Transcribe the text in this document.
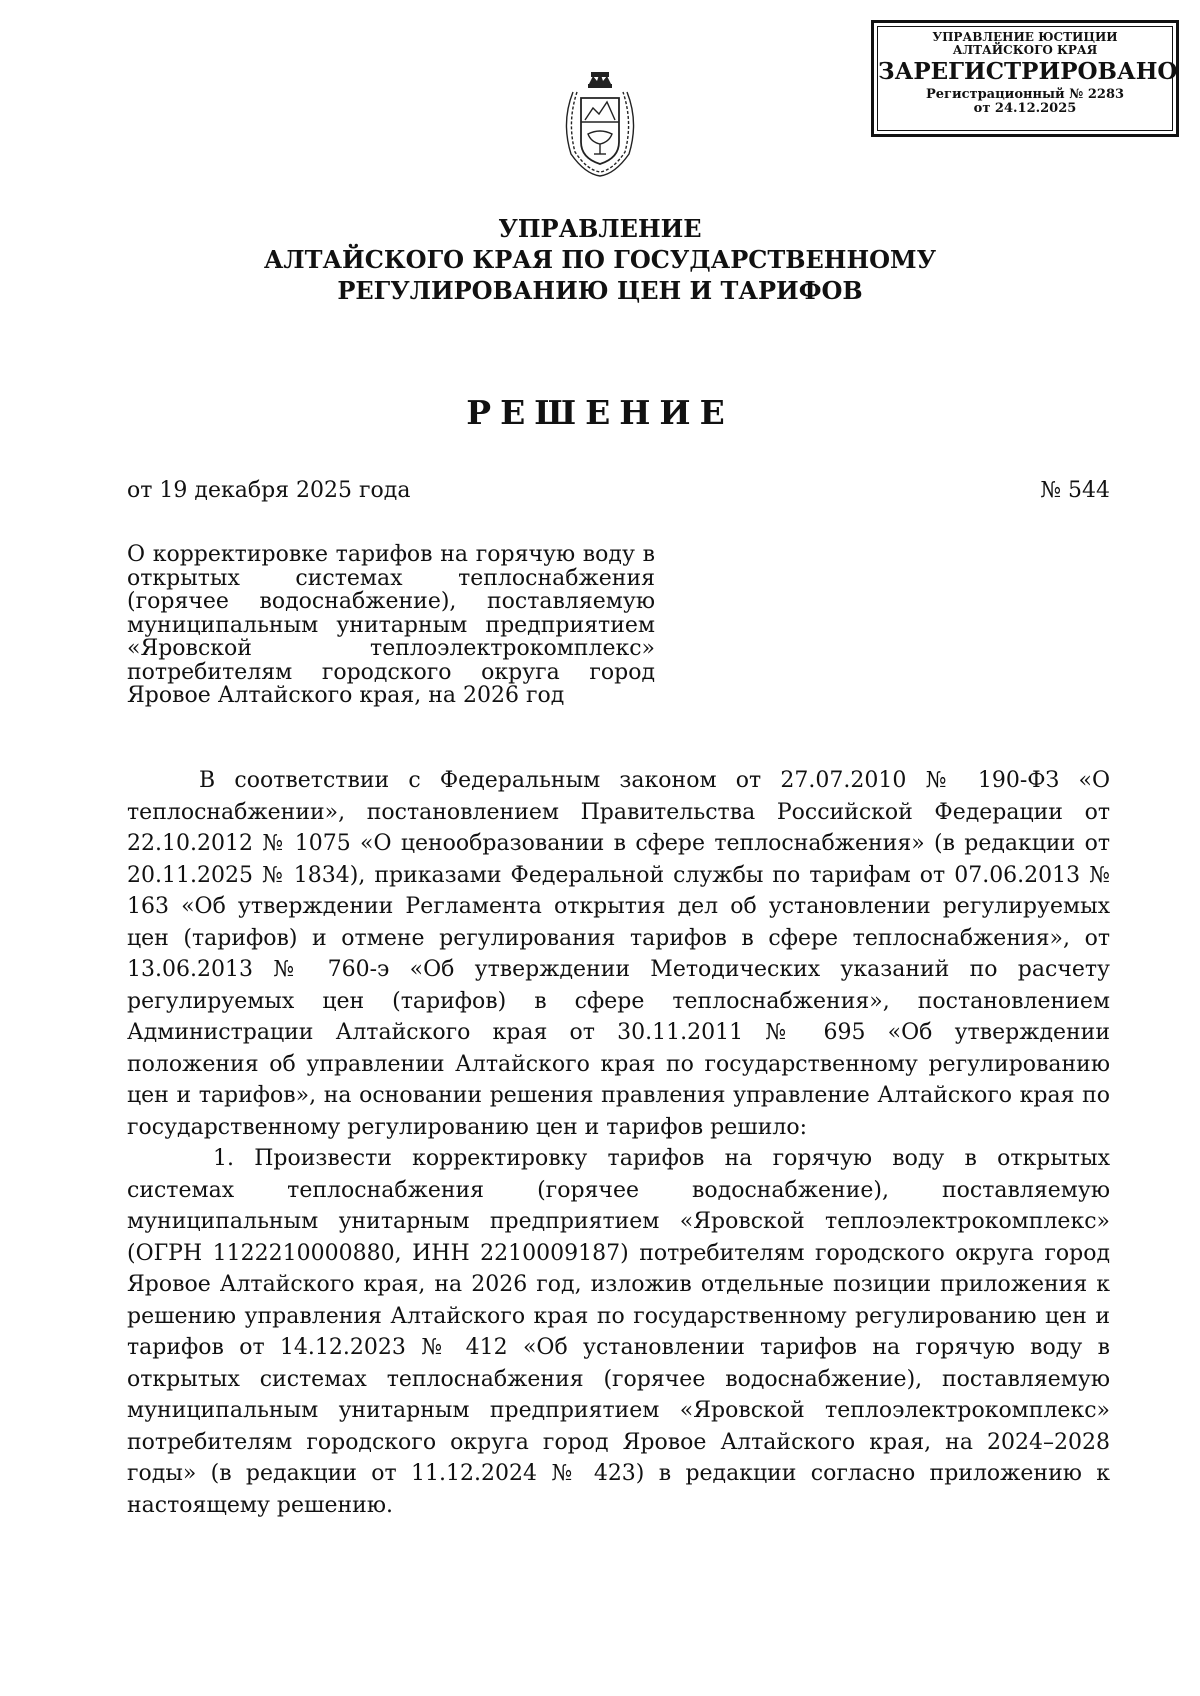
УПРАВЛЕНИЕ ЮСТИЦИИ
АЛТАЙСКОГО КРАЯ
ЗАРЕГИСТРИРОВАНО
Регистрационный № 2283
от 24.12.2025
УПРАВЛЕНИЕ
АЛТАЙСКОГО КРАЯ ПО ГОСУДАРСТВЕННОМУ
РЕГУЛИРОВАНИЮ ЦЕН И ТАРИФОВ
РЕШЕНИЕ
от 19 декабря 2025 года	№ 544
О корректировке тарифов на горячую воду в открытых системах теплоснабжения (горячее водоснабжение), поставляемую муниципальным унитарным предприятием «Яровской теплоэлектрокомплекс» потребителям городского округа город Яровое Алтайского края, на 2026 год

В соответствии с Федеральным законом от 27.07.2010 № 190-ФЗ «О теплоснабжении», постановлением Правительства Российской Федерации от 22.10.2012 № 1075 «О ценообразовании в сфере теплоснабжения» (в редакции от 20.11.2025 № 1834), приказами Федеральной службы по тарифам от 07.06.2013 № 163 «Об утверждении Регламента открытия дел об установлении регулируемых цен (тарифов) и отмене регулирования тарифов в сфере теплоснабжения», от 13.06.2013 № 760-э «Об утверждении Методических указаний по расчету регулируемых цен (тарифов) в сфере теплоснабжения», постановлением Администрации Алтайского края от 30.11.2011 № 695 «Об утверждении положения об управлении Алтайского края по государственному регулированию цен и тарифов», на основании решения правления управление Алтайского края по государственному регулированию цен и тарифов решило:

1. Произвести корректировку тарифов на горячую воду в открытых системах теплоснабжения (горячее водоснабжение), поставляемую муниципальным унитарным предприятием «Яровской теплоэлектрокомплекс» (ОГРН 1122210000880, ИНН 2210009187) потребителям городского округа город Яровое Алтайского края, на 2026 год, изложив отдельные позиции приложения к решению управления Алтайского края по государственному регулированию цен и тарифов от 14.12.2023 № 412 «Об установлении тарифов на горячую воду в открытых системах теплоснабжения (горячее водоснабжение), поставляемую муниципальным унитарным предприятием «Яровской теплоэлектрокомплекс» потребителям городского округа город Яровое Алтайского края, на 2024–2028 годы» (в редакции от 11.12.2024 № 423) в редакции согласно приложению к настоящему решению.
